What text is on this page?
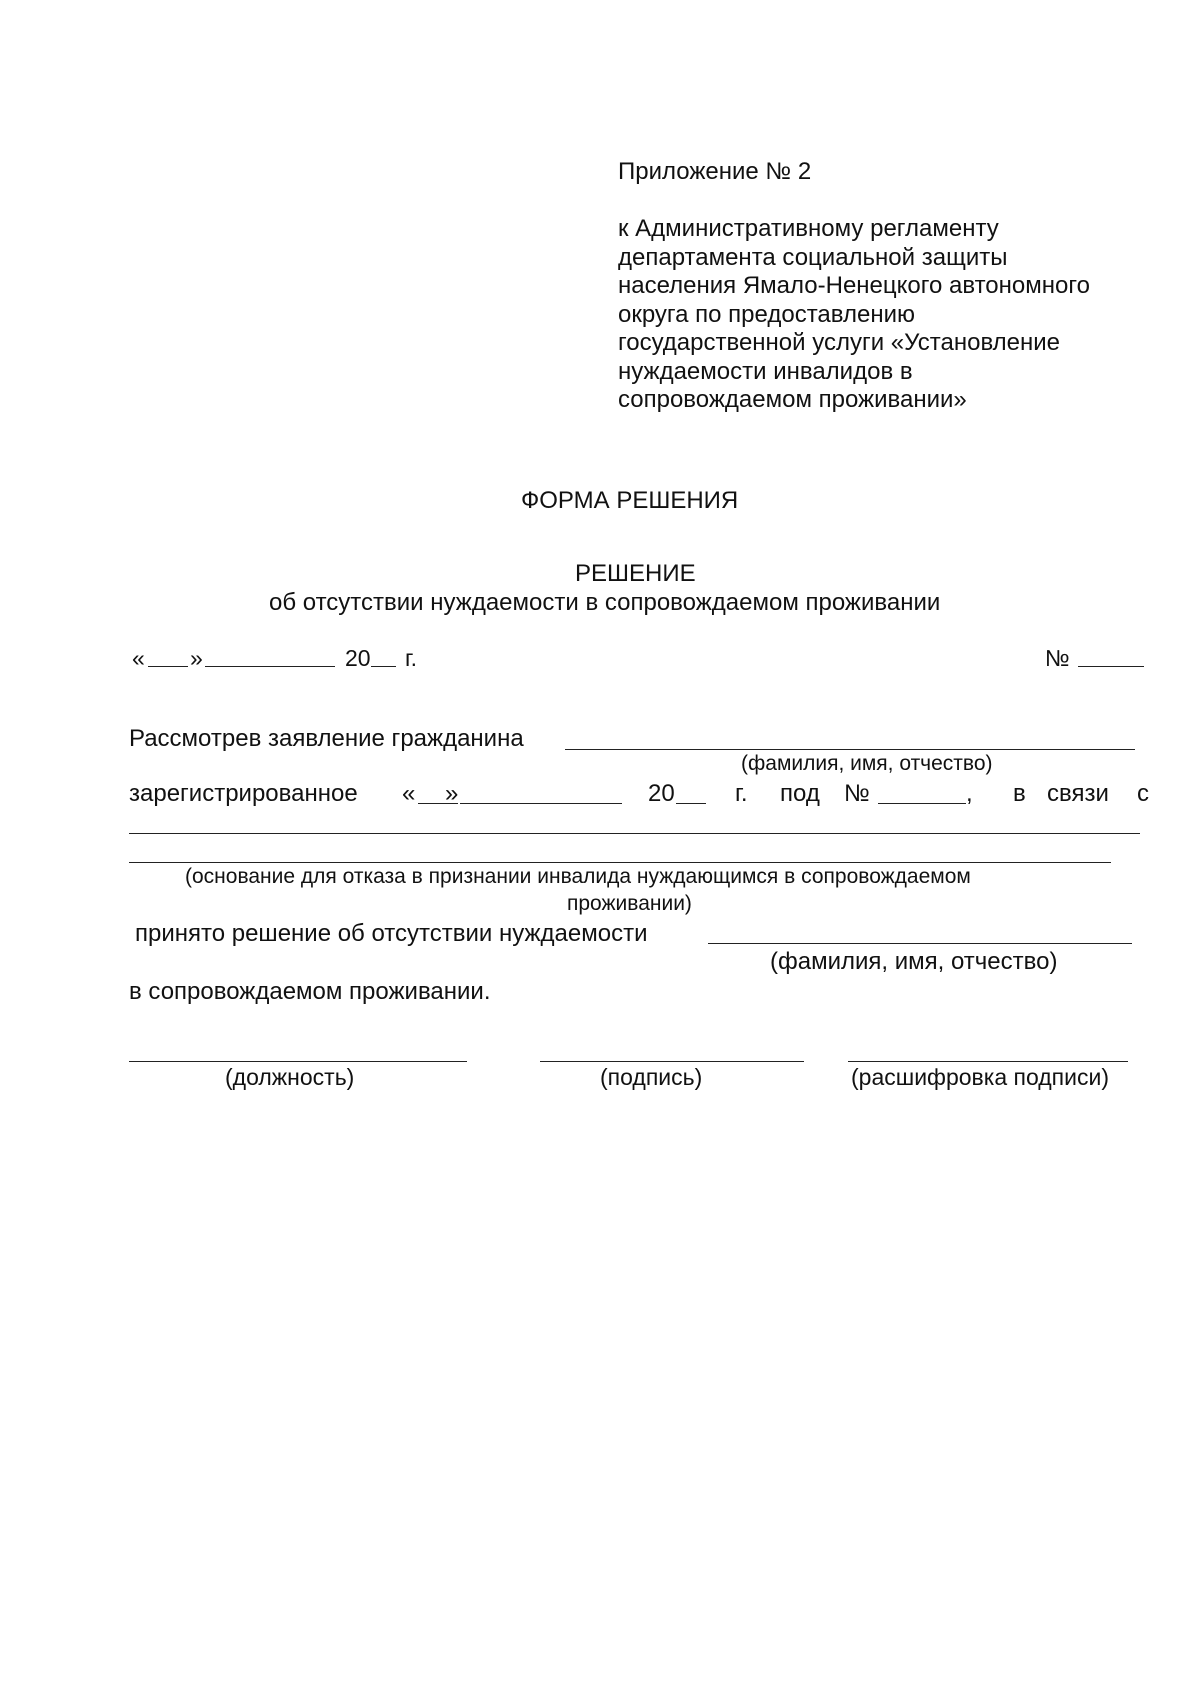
Приложение № 2
к Административному регламенту
департамента социальной защиты
населения Ямало-Ненецкого автономного
округа по предоставлению
государственной услуги «Установление
нуждаемости инвалидов в
сопровождаемом проживании»
ФОРМА РЕШЕНИЯ
РЕШЕНИЕ
об отсутствии нуждаемости в сопровождаемом проживании
« »	20 г.	№
Рассмотрев заявление гражданина
(фамилия, имя, отчество)
зарегистрированное « »	20	г. под №	, в связи с
(основание для отказа в признании инвалида нуждающимся в сопровождаемом
проживании)
принято решение об отсутствии нуждаемости
(фамилия, имя, отчество)
в сопровождаемом проживании.
(должность)	(подпись)	(расшифровка подписи)
